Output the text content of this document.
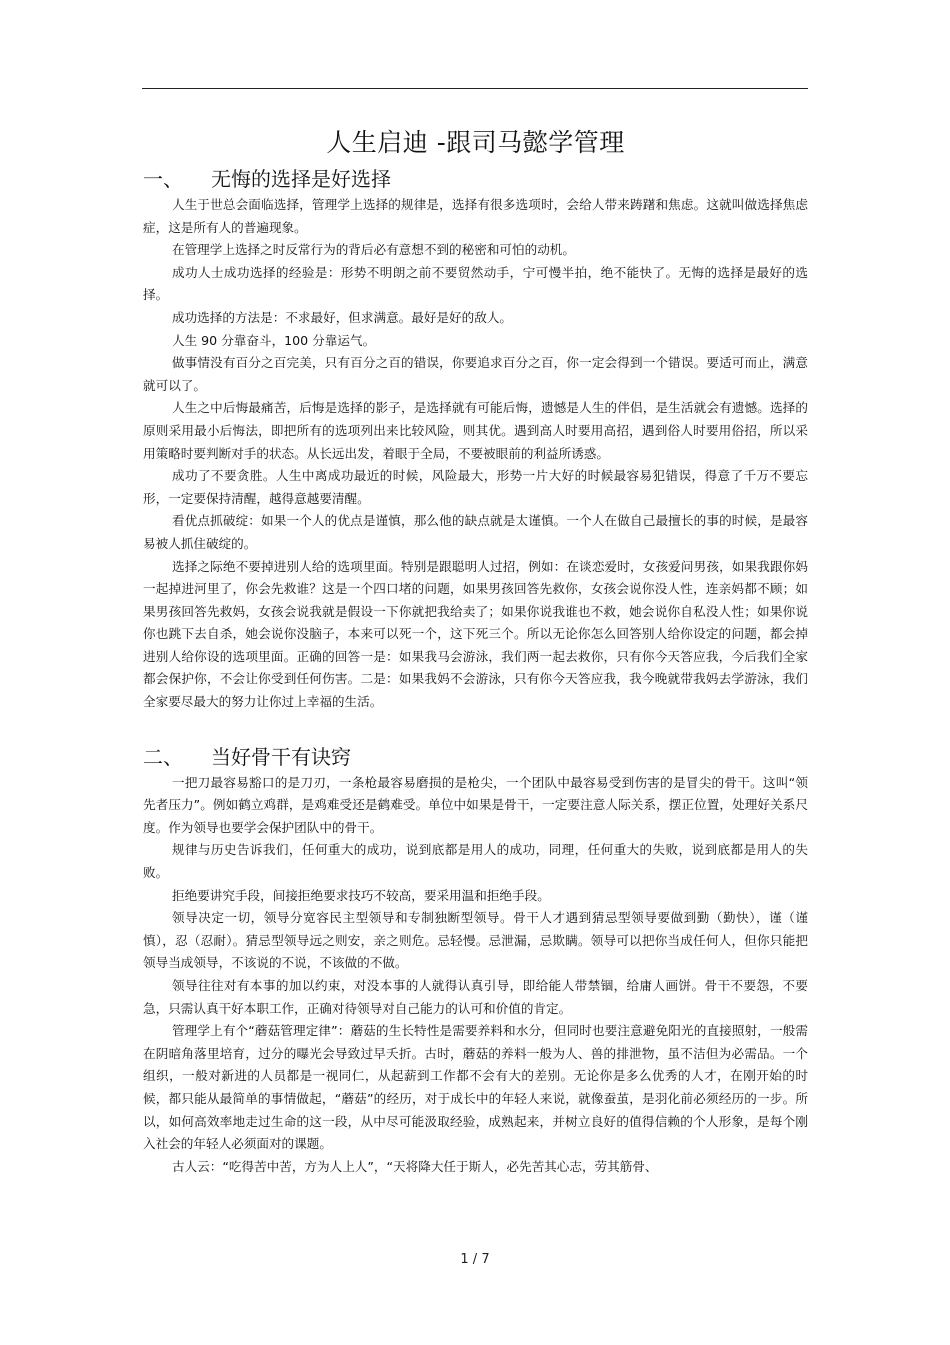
人生启迪 -跟司马懿学管理
一、 无悔的选择是好选择

人生于世总会面临选择，管理学上选择的规律是，选择有很多选项时，会给人带来踌躇和焦虑。这就叫做选择焦虑症，这是所有人的普遍现象。

在管理学上选择之时反常行为的背后必有意想不到的秘密和可怕的动机。

成功人士成功选择的经验是：形势不明朗之前不要贸然动手，宁可慢半拍，绝不能快了。无悔的选择是最好的选择。

成功选择的方法是：不求最好，但求满意。最好是好的敌人。

人生 90 分靠奋斗，100 分靠运气。

做事情没有百分之百完美，只有百分之百的错误，你要追求百分之百，你一定会得到一个错误。要适可而止，满意就可以了。

人生之中后悔最痛苦，后悔是选择的影子，是选择就有可能后悔，遗憾是人生的伴侣，是生活就会有遗憾。选择的原则采用最小后悔法，即把所有的选项列出来比较风险，则其优。遇到高人时要用高招，遇到俗人时要用俗招，所以采用策略时要判断对手的状态。从长远出发，着眼于全局，不要被眼前的利益所诱惑。

成功了不要贪胜。人生中离成功最近的时候，风险最大，形势一片大好的时候最容易犯错误，得意了千万不要忘形，一定要保持清醒，越得意越要清醒。

看优点抓破绽：如果一个人的优点是谨慎，那么他的缺点就是太谨慎。一个人在做自己最擅长的事的时候，是最容易被人抓住破绽的。

选择之际绝不要掉进别人给的选项里面。特别是跟聪明人过招，例如：在谈恋爱时，女孩爱问男孩，如果我跟你妈一起掉进河里了，你会先救谁？这是一个四口堵的问题，如果男孩回答先救你，女孩会说你没人性，连亲妈都不顾；如果男孩回答先救妈，女孩会说我就是假设一下你就把我给卖了；如果你说我谁也不救，她会说你自私没人性；如果你说你也跳下去自杀，她会说你没脑子，本来可以死一个，这下死三个。所以无论你怎么回答别人给你设定的问题，都会掉进别人给你设的选项里面。正确的回答一是：如果我马会游泳，我们两一起去救你，只有你今天答应我，今后我们全家都会保护你，不会让你受到任何伤害。二是：如果我妈不会游泳，只有你今天答应我，我今晚就带我妈去学游泳，我们全家要尽最大的努力让你过上幸福的生活。

二、 当好骨干有诀窍

一把刀最容易豁口的是刀刃，一条枪最容易磨损的是枪尖，一个团队中最容易受到伤害的是冒尖的骨干。这叫“领先者压力”。例如鹤立鸡群，是鸡难受还是鹤难受。单位中如果是骨干，一定要注意人际关系，摆正位置，处理好关系尺度。作为领导也要学会保护团队中的骨干。

规律与历史告诉我们，任何重大的成功，说到底都是用人的成功，同理，任何重大的失败，说到底都是用人的失败。

拒绝要讲究手段，间接拒绝要求技巧不较高，要采用温和拒绝手段。

领导决定一切，领导分宽容民主型领导和专制独断型领导。骨干人才遇到猜忌型领导要做到勤（勤快），谨（谨慎），忍（忍耐）。猜忌型领导远之则安，亲之则危。忌轻慢。忌泄漏，忌欺瞒。领导可以把你当成任何人，但你只能把领导当成领导，不该说的不说，不该做的不做。

领导往往对有本事的加以约束，对没本事的人就得认真引导，即给能人带禁锢，给庸人画饼。骨干不要怨，不要急，只需认真干好本职工作，正确对待领导对自己能力的认可和价值的肯定。

管理学上有个“蘑菇管理定律”：蘑菇的生长特性是需要养料和水分，但同时也要注意避免阳光的直接照射，一般需在阴暗角落里培育，过分的曝光会导致过早夭折。古时，蘑菇的养料一般为人、兽的排泄物，虽不洁但为必需品。一个组织，一般对新进的人员都是一视同仁，从起薪到工作都不会有大的差别。无论你是多么优秀的人才，在刚开始的时候，都只能从最简单的事情做起，“蘑菇”的经历，对于成长中的年轻人来说，就像蚕茧，是羽化前必须经历的一步。所以，如何高效率地走过生命的这一段，从中尽可能汲取经验，成熟起来，并树立良好的值得信赖的个人形象，是每个刚入社会的年轻人必须面对的课题。

古人云：“吃得苦中苦，方为人上人”，“天将降大任于斯人，必先苦其心志，劳其筋骨、

1 / 7
